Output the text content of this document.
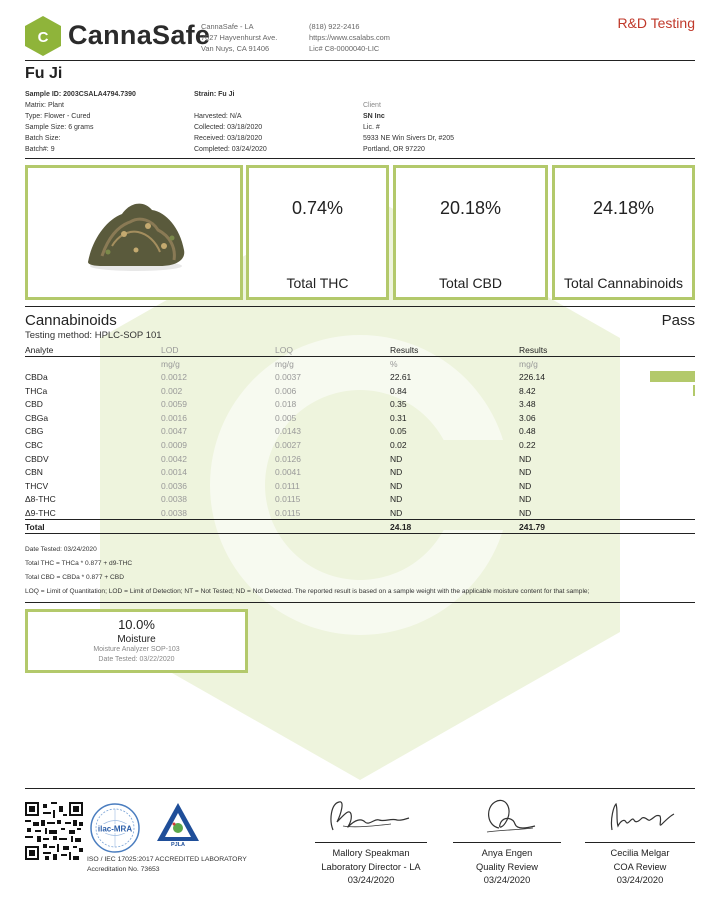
C CannaSafe
CannaSafe - LA
7027 Hayvenhurst Ave.
Van Nuys, CA 91406
(818) 922-2416
https://www.csalabs.com
Lic# C8-0000040-LIC
R&D Testing
Fu Ji
Sample ID: 2003CSALA4794.7390
Matrix: Plant
Type: Flower - Cured
Sample Size: 6 grams
Batch Size:
Batch#: 9
Strain: Fu Ji

Harvested: N/A
Collected: 03/18/2020
Received: 03/18/2020
Completed: 03/24/2020
Client
SN Inc
Lic. #
5933 NE Win Sivers Dr, #205
Portland, OR 97220
0.74%
Total THC
20.18%
Total CBD
24.18%
Total Cannabinoids
Cannabinoids	Pass
Testing method: HPLC-SOP 101
Analyte	LOD	LOQ	Results	Results	
	mg/g	mg/g	%	mg/g	
CBDa	0.0012	0.0037	22.61	226.14	
THCa	0.002	0.006	0.84	8.42	
CBD	0.0059	0.018	0.35	3.48	
CBGa	0.0016	0.005	0.31	3.06	
CBG	0.0047	0.0143	0.05	0.48	
CBC	0.0009	0.0027	0.02	0.22	
CBDV	0.0042	0.0126	ND	ND	
CBN	0.0014	0.0041	ND	ND	
THCV	0.0036	0.0111	ND	ND	
Δ8-THC	0.0038	0.0115	ND	ND	
Δ9-THC	0.0038	0.0115	ND	ND	
Total			24.18	241.79	
Date Tested: 03/24/2020
Total THC = THCa * 0.877 + d9-THC
Total CBD = CBDa * 0.877 + CBD
LOQ = Limit of Quantitation; LOD = Limit of Detection; NT = Not Tested; ND = Not Detected. The reported result is based on a sample weight with the applicable moisture content for that sample;
10.0%
Moisture
Moisture Analyzer SOP-103
Date Tested: 03/22/2020
ilac-MRA
PJLA
ISO / IEC 17025:2017 ACCREDITED LABORATORY
Accreditation No. 73653
Mallory Speakman
Laboratory Director - LA
03/24/2020
Anya Engen
Quality Review
03/24/2020
Cecilia Melgar
COA Review
03/24/2020
